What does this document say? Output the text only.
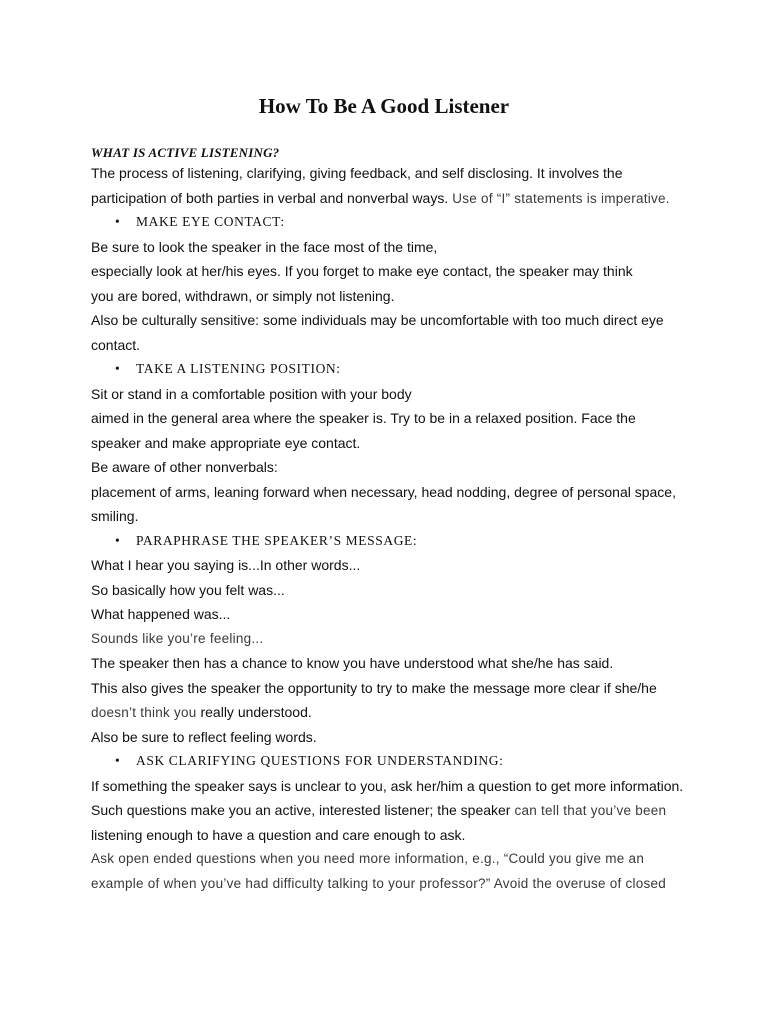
How To Be A Good Listener
WHAT IS ACTIVE LISTENING?
The process of listening, clarifying, giving feedback, and self disclosing. It involves the
participation of both parties in verbal and nonverbal ways. Use of “I” statements is imperative.
• MAKE EYE CONTACT:
Be sure to look the speaker in the face most of the time,
especially look at her/his eyes. If you forget to make eye contact, the speaker may think
you are bored, withdrawn, or simply not listening.
Also be culturally sensitive: some individuals may be uncomfortable with too much direct eye
contact.
• TAKE A LISTENING POSITION:
Sit or stand in a comfortable position with your body
aimed in the general area where the speaker is. Try to be in a relaxed position. Face the
speaker and make appropriate eye contact.
Be aware of other nonverbals:
placement of arms, leaning forward when necessary, head nodding, degree of personal space,
smiling.
• PARAPHRASE THE SPEAKER’S MESSAGE:
What I hear you saying is...In other words...
So basically how you felt was...
What happened was...
Sounds like you’re feeling...
The speaker then has a chance to know you have understood what she/he has said.
This also gives the speaker the opportunity to try to make the message more clear if she/he
doesn’t think you really understood.
Also be sure to reflect feeling words.
• ASK CLARIFYING QUESTIONS FOR UNDERSTANDING:
If something the speaker says is unclear to you, ask her/him a question to get more information.
Such questions make you an active, interested listener; the speaker can tell that you’ve been
listening enough to have a question and care enough to ask.
Ask open ended questions when you need more information, e.g., “Could you give me an
example of when you’ve had difficulty talking to your professor?” Avoid the overuse of closed
